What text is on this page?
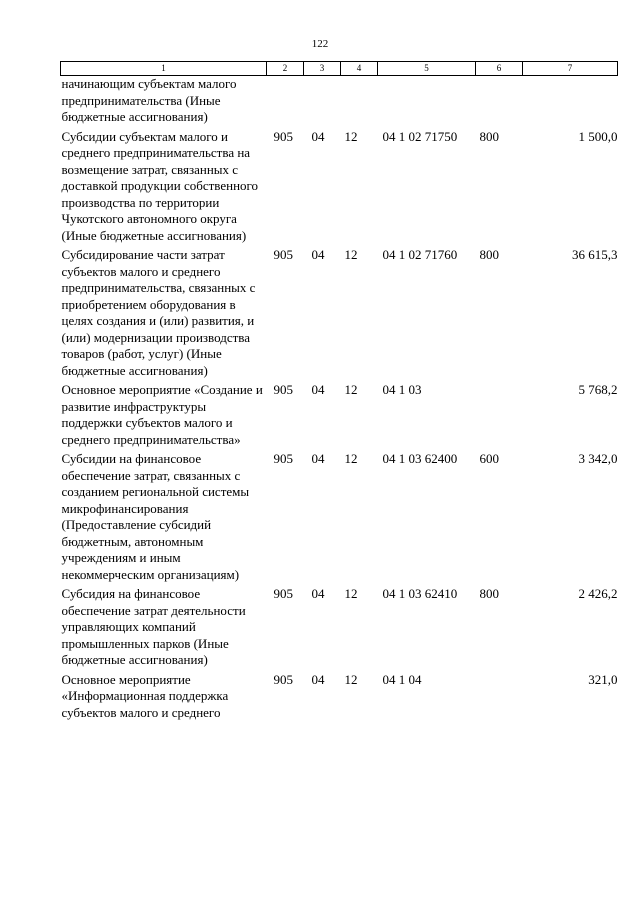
122
1	2	3	4	5	6	7
начинающим субъектам малого предпринимательства (Иные бюджетные ассигнования)						
Субсидии субъектам малого и среднего предпринимательства на возмещение затрат, связанных с доставкой продукции собственного производства по территории Чукотского автономного округа (Иные бюджетные ассигнования)	905	04	12	04 1 02 71750	800	1 500,0
Субсидирование части затрат субъектов малого и среднего предпринимательства, связанных с приобретением оборудования в целях создания и (или) развития, и (или) модернизации производства товаров (работ, услуг) (Иные бюджетные ассигнования)	905	04	12	04 1 02 71760	800	36 615,3
Основное мероприятие «Создание и развитие инфраструктуры поддержки субъектов малого и среднего предпринимательства»	905	04	12	04 1 03		5 768,2
Субсидии на финансовое обеспечение затрат, связанных с созданием региональной системы микрофинансирования (Предоставление субсидий бюджетным, автономным учреждениям и иным некоммерческим организациям)	905	04	12	04 1 03 62400	600	3 342,0
Субсидия на финансовое обеспечение затрат деятельности управляющих компаний промышленных парков (Иные бюджетные ассигнования)	905	04	12	04 1 03 62410	800	2 426,2
Основное мероприятие «Информационная поддержка субъектов малого и среднего	905	04	12	04 1 04		321,0
